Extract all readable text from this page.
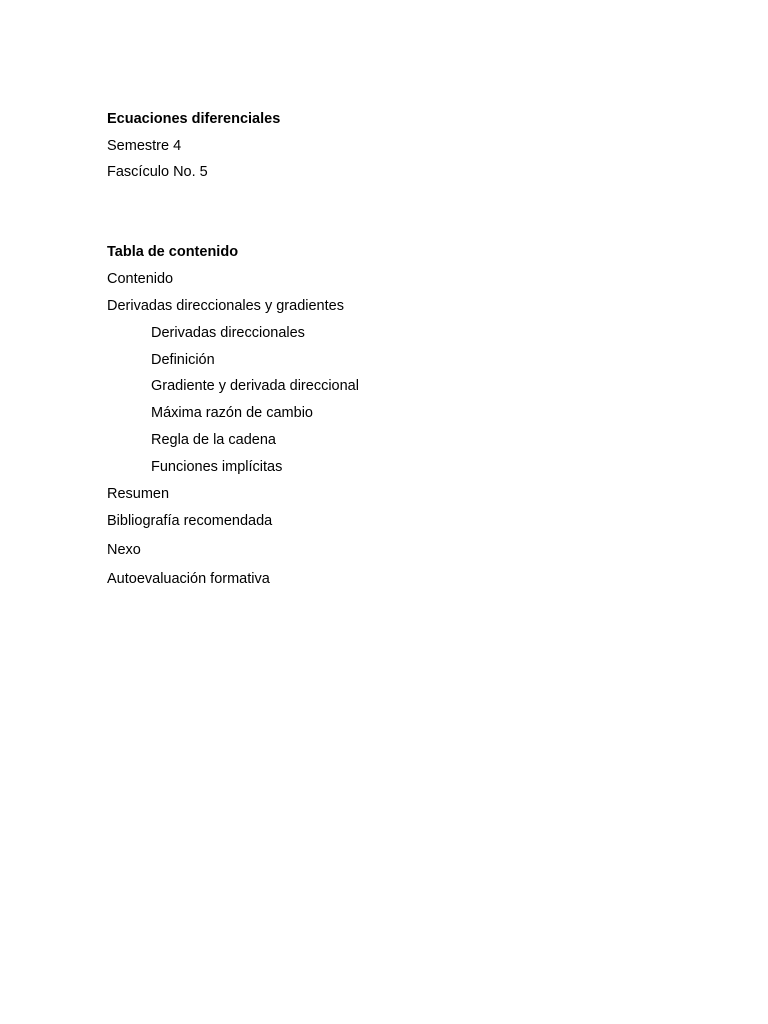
Ecuaciones diferenciales
Semestre 4
Fascículo No. 5
Tabla de contenido
Contenido
Derivadas direccionales y gradientes
Derivadas direccionales
Definición
Gradiente y derivada direccional
Máxima razón de cambio
Regla de la cadena
Funciones implícitas
Resumen
Bibliografía recomendada
Nexo
Autoevaluación formativa
